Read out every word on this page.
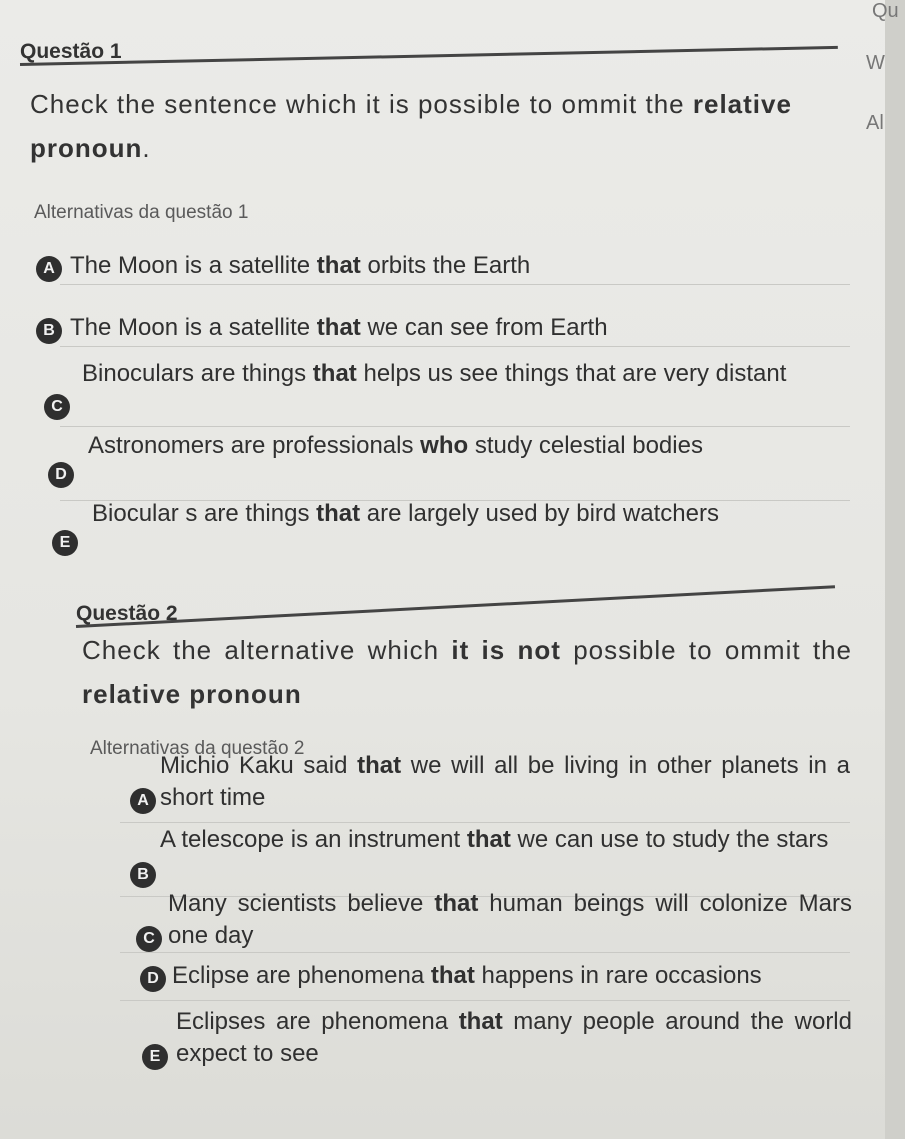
Qu
W
Al
Questão 1
Check the sentence which it is possible to ommit the relative pronoun.
Alternativas da questão 1
A The Moon is a satellite that orbits the Earth
B The Moon is a satellite that we can see from Earth
C
Binoculars are things that helps us see things that are very distant
D
Astronomers are professionals who study celestial bodies
E
Biocular s are things that are largely used by bird watchers
Questão 2
Check the alternative which it is not possible to ommit the relative pronoun
Alternativas da questão 2
A
Michio Kaku said that we will all be living in other planets in a short time
B
A telescope is an instrument that we can use to study the stars
C
Many scientists believe that human beings will colonize Mars one day
D Eclipse are phenomena that happens in rare occasions
E
Eclipses are phenomena that many people around the world expect to see
